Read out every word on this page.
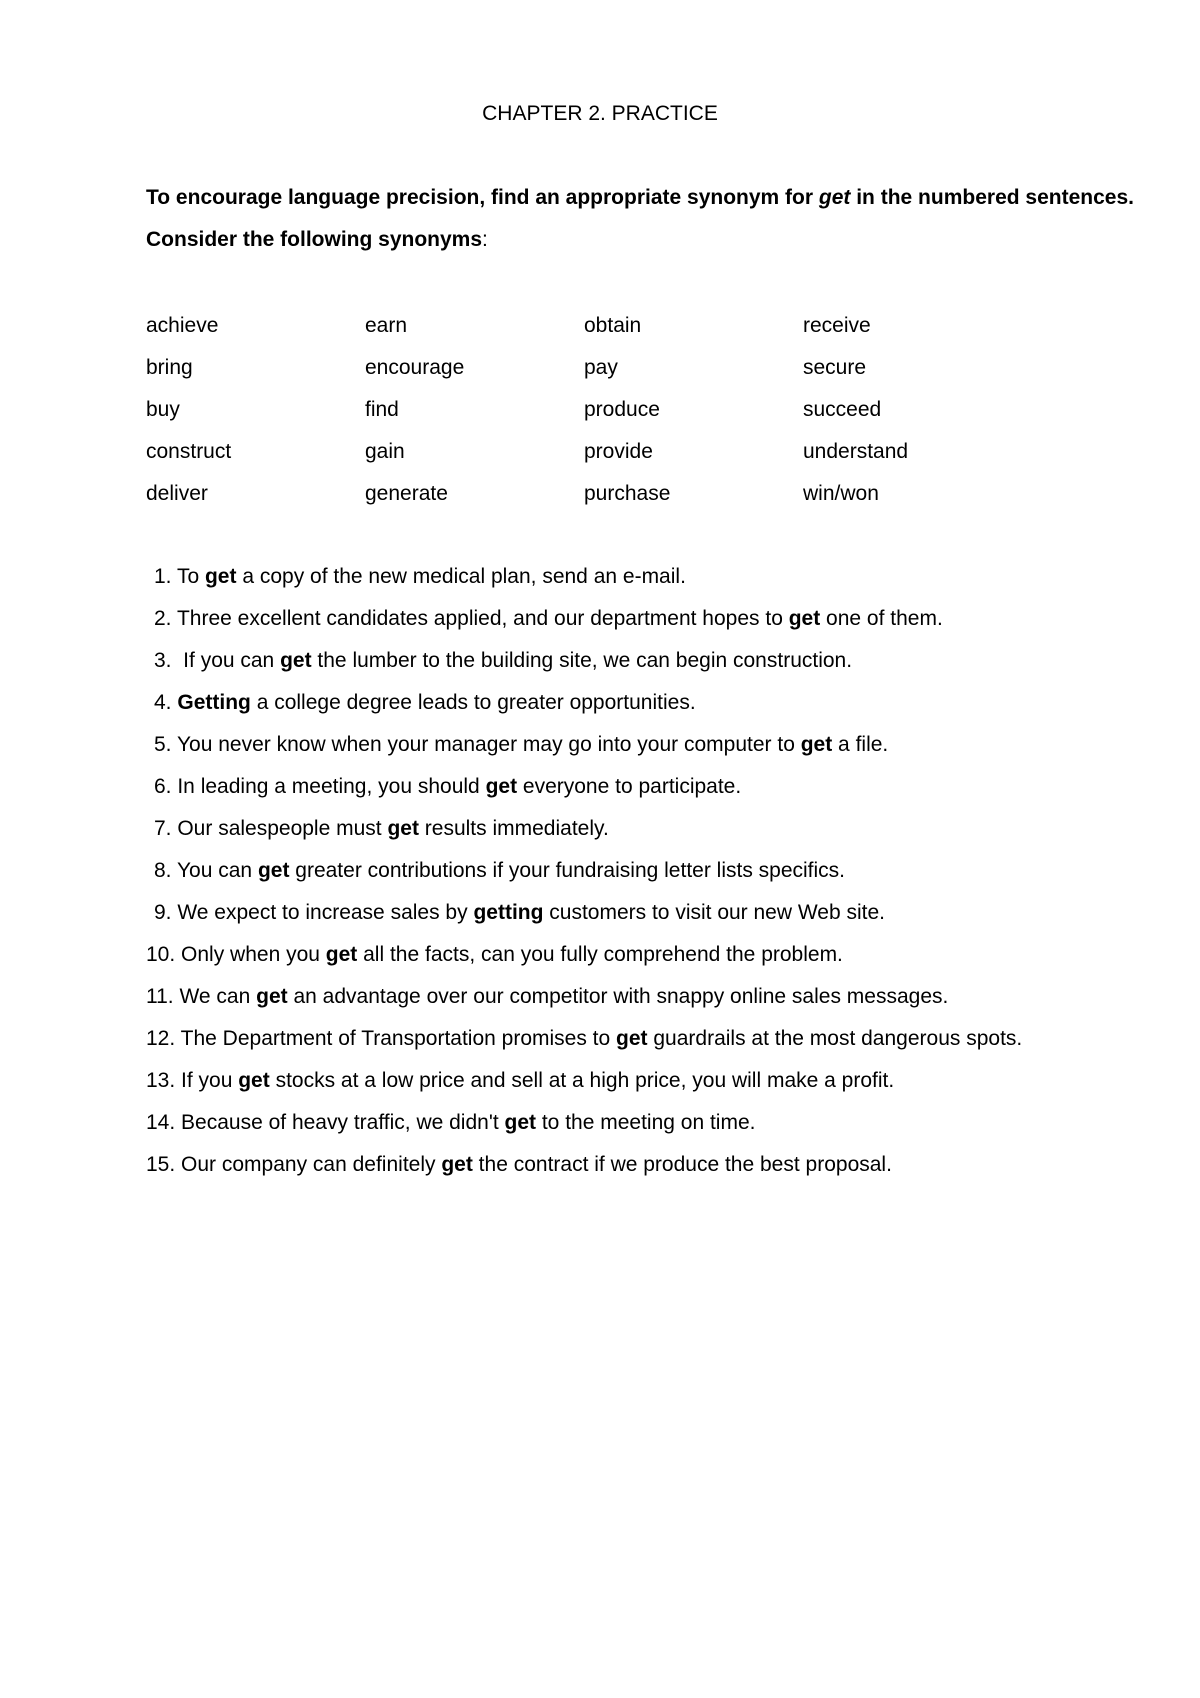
CHAPTER 2. PRACTICE
To encourage language precision, find an appropriate synonym for get in the numbered sentences. Consider the following synonyms:
achieve	earn	obtain	receive
bring	encourage	pay	secure
buy	find	produce	succeed
construct	gain	provide	understand
deliver	generate	purchase	win/won

1. To get a copy of the new medical plan, send an e-mail.

2. Three excellent candidates applied, and our department hopes to get one of them.

3.  If you can get the lumber to the building site, we can begin construction.

4. Getting a college degree leads to greater opportunities.

5. You never know when your manager may go into your computer to get a file.

6. In leading a meeting, you should get everyone to participate.

7. Our salespeople must get results immediately.

8. You can get greater contributions if your fundraising letter lists specifics.

9. We expect to increase sales by getting customers to visit our new Web site.

10. Only when you get all the facts, can you fully comprehend the problem.

11. We can get an advantage over our competitor with snappy online sales messages.

12. The Department of Transportation promises to get guardrails at the most dangerous spots.

13. If you get stocks at a low price and sell at a high price, you will make a profit.

14. Because of heavy traffic, we didn't get to the meeting on time.

15. Our company can definitely get the contract if we produce the best proposal.
